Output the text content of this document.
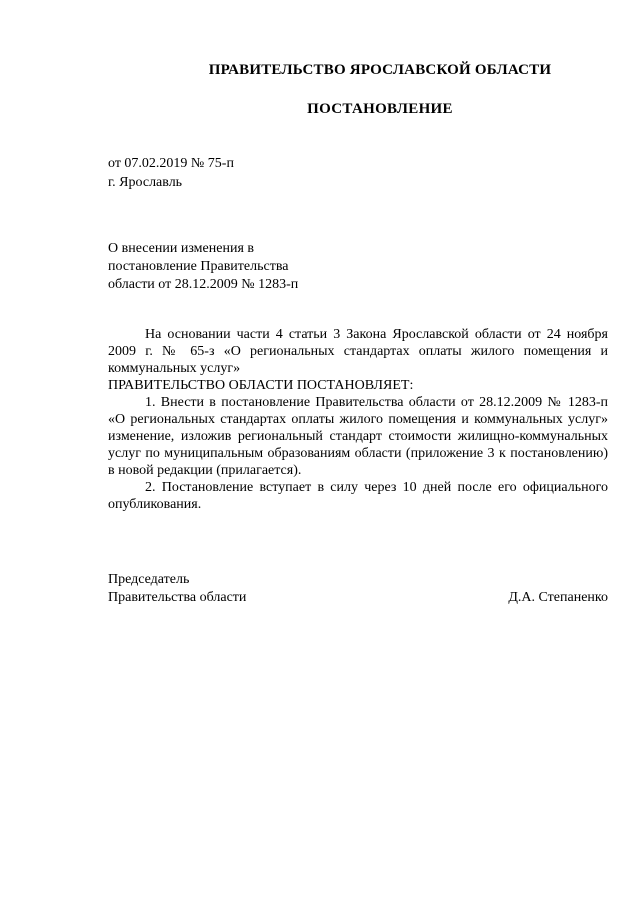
ПРАВИТЕЛЬСТВО ЯРОСЛАВСКОЙ ОБЛАСТИ
ПОСТАНОВЛЕНИЕ
от 07.02.2019 № 75-п
г. Ярославль
О внесении изменения в
постановление Правительства
области от 28.12.2009 № 1283-п

На основании части 4 статьи 3 Закона Ярославской области от 24 ноября 2009 г. № 65-з «О региональных стандартах оплаты жилого помещения и коммунальных услуг»

ПРАВИТЕЛЬСТВО ОБЛАСТИ ПОСТАНОВЛЯЕТ:

1. Внести в постановление Правительства области от 28.12.2009 № 1283-п «О региональных стандартах оплаты жилого помещения и коммунальных услуг» изменение, изложив региональный стандарт стоимости жилищно-коммунальных услуг по муниципальным образованиям области (приложение 3 к постановлению) в новой редакции (прилагается).

2. Постановление вступает в силу через 10 дней после его официального опубликования.

Председатель
Правительства области	Д.А. Степаненко
